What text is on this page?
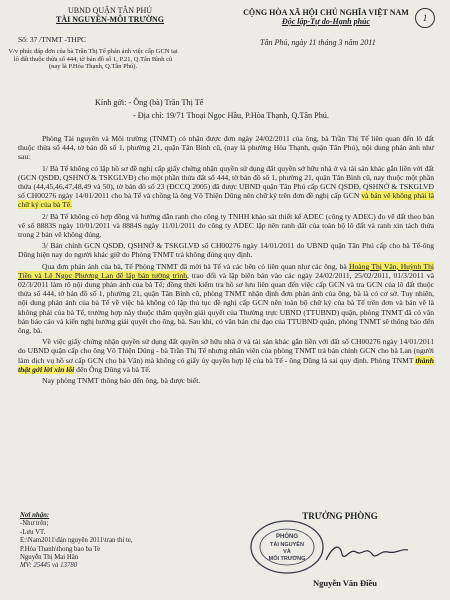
UBND QUẬN TÂN PHÚ
TÀI NGUYÊN-MÔI TRƯỜNG
CỘNG HÒA XÃ HỘI CHỦ NGHĨA VIỆT NAM
Độc lập-Tự do-Hạnh phúc	1
Số: 37 /TNMT -THPC	Tân Phú, ngày 11 tháng 3 năm 2011
V/v phúc đáp đơn của bà Trần Thị Tế phản ánh việc cấp GCN tại lô đất thuộc thửa số 444, tờ bản đồ số 1, P.21, Q.Tân Bình cũ (nay là P.Hòa Thạnh, Q.Tân Phú).
Kính gởi: - Ông (bà) Trần Thị Tế
- Địa chỉ: 19/71 Thoại Ngọc Hầu, P.Hòa Thạnh, Q.Tân Phú.

Phòng Tài nguyên và Môi trường (TNMT) có nhận được đơn ngày 24/02/2011 của ông, bà Trần Thị Tế liên quan đến lô đất thuộc thửa số 444, tờ bản đồ số 1, phường 21, quận Tân Bình cũ, (nay là phường Hòa Thạnh, quận Tân Phú), nội dung phản ánh như sau:

1/ Bà Tế không có lập hồ sơ đề nghị cấp giấy chứng nhận quyền sử dụng đất quyền sở hữu nhà ở và tài sản khác gắn liền với đất (GCN QSDĐ, QSHNỞ & TSKGLVĐ) cho một phần thửa đất số 444, tờ bản đồ số 1, phường 21, quận Tân Bình cũ, nay thuộc một phần thửa (44,45,46,47,48,49 và 50), tờ bản đồ số 23 (ĐCCQ 2005) đã được UBND quận Tân Phú cấp GCN QSDĐ, QSHNỞ & TSKGLVĐ số CH00276 ngày 14/01/2011 cho bà Tế và chồng là ông Võ Thiện Dũng nên chữ ký trên đơn đề nghị cấp GCN và bản vẽ không phải là chữ ký của bà Tế.

2/ Bà Tế không có hợp đồng và hướng dẫn ranh cho công ty TNHH khảo sát thiết kế ADEC (công ty ADEC) đo vẽ đất theo bản vẽ số 8883S ngày 10/01/2011 và 8884S ngày 11/01/2011 do công ty ADEC lập nên ranh đất của toàn bộ lô đất và ranh xin tách thửa trong 2 bản vẽ không đúng.

3/ Bản chính GCN QSDĐ, QSHNỞ & TSKGLVĐ số CH00276 ngày 14/01/2011 do UBND quận Tân Phú cấp cho bà Tế-ông Dũng hiện nay do người khác giữ do Phòng TNMT trả không đúng quy định.

Qua đơn phản ánh của bà, Tế Phòng TNMT đã mời bà Tế và các bên có liên quan như các ông, bà Hoàng Thị Vân, Huỳnh Thị Tiền và Lê Ngọc Phương Lan để lập bản tường trình, trao đổi và lập biên bản vào các ngày 24/02/2011, 25/02/2011, 01/3/2011 và 02/3/2011 làm rõ nội dung phản ánh của bà Tế; đồng thời kiểm tra hồ sơ lưu liên quan đến việc cấp GCN và tra GCN của lô đất thuộc thửa số 444, tờ bản đồ số 1, phường 21, quận Tân Bình cũ, phòng TNMT nhận định đơn phản ánh của ông, bà là có cơ sở. Tuy nhiên, nội dung phản ánh của bà Tế về việc bà không có lập thủ tục đề nghị cấp GCN nên toàn bộ chữ ký của bà Tế trên đơn và bản vẽ là không phải của bà Tế, trường hợp này thuộc thẩm quyền giải quyết của Thường trực UBND (TTUBND) quận, phòng TNMT đã có văn bản báo cáo và kiến nghị hướng giải quyết cho ông, bà. Sau khi, có văn bản chỉ đạo của TTUBND quận, phòng TNMT sẽ thông báo đến ông, bà.

Về việc giấy chứng nhận quyền sử dụng đất quyền sở hữu nhà ở và tài sản khác gắn liền với đất số CH00276 ngày 14/01/2011 do UBND quận cấp cho ông Võ Thiện Dũng - bà Trần Thị Tế nhưng nhân viên của phòng TNMT trả bản chính GCN cho bà Lan (người làm dịch vụ hồ sơ cấp GCN cho bà Vân) mà không có giấy ủy quyền hợp lệ của bà Tế - ông Dũng là sai quy định. Phòng TNMT thành thật gởi lời xin lỗi đến Ông Dũng và bà Tế.

Nay phòng TNMT thông báo đến ông, bà được biết.

Nơi nhận:
-Như trên;
-Lưu VT.
E:\Nam2011\đán nguyên 2011\tran thi te,
P.Hòa Thanh\thong bao ba Te
Nguyễn Thị Mai Hân
MV: 25445 và 13780
TRƯỞNG PHÒNG
PHÒNG
TÀI NGUYÊN
VÀ
MÔI TRƯỜNG
Nguyễn Văn Điều
